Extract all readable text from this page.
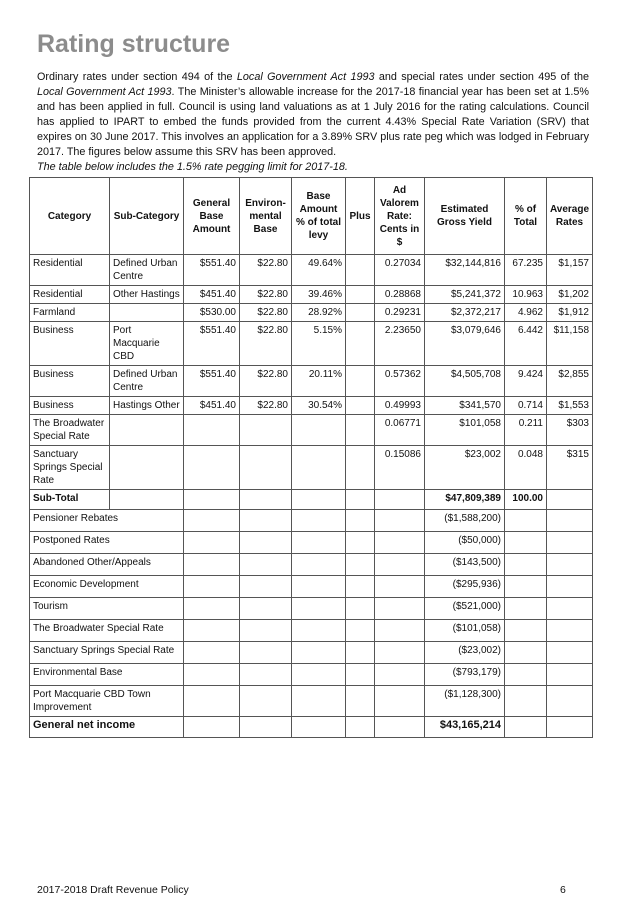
Rating structure

Ordinary rates under section 494 of the Local Government Act 1993 and special rates under section 495 of the Local Government Act 1993. The Minister’s allowable increase for the 2017-18 financial year has been set at 1.5% and has been applied in full. Council is using land valuations as at 1 July 2016 for the rating calculations. Council has applied to IPART to embed the funds provided from the current 4.43% Special Rate Variation (SRV) that expires on 30 June 2017. This involves an application for a 3.89% SRV plus rate peg which was lodged in February 2017. The figures below assume this SRV has been approved.

The table below includes the 1.5% rate pegging limit for 2017-18.

Category	Sub-Category	General Base Amount	Environ-mental Base	Base Amount % of total levy	Plus	Ad Valorem Rate: Cents in $	Estimated Gross Yield	% of Total	Average Rates
Residential	Defined Urban Centre	$551.40	$22.80	49.64%		0.27034	$32,144,816	67.235	$1,157
Residential	Other Hastings	$451.40	$22.80	39.46%		0.28868	$5,241,372	10.963	$1,202
Farmland		$530.00	$22.80	28.92%		0.29231	$2,372,217	4.962	$1,912
Business	Port Macquarie CBD	$551.40	$22.80	5.15%		2.23650	$3,079,646	6.442	$11,158
Business	Defined Urban Centre	$551.40	$22.80	20.11%		0.57362	$4,505,708	9.424	$2,855
Business	Hastings Other	$451.40	$22.80	30.54%		0.49993	$341,570	0.714	$1,553
The Broadwater Special Rate						0.06771	$101,058	0.211	$303
Sanctuary Springs Special Rate						0.15086	$23,002	0.048	$315
Sub-Total							$47,809,389	100.00	
Pensioner Rebates							($1,588,200)		
Postponed Rates							($50,000)		
Abandoned Other/Appeals							($143,500)		
Economic Development							($295,936)		
Tourism							($521,000)		
The Broadwater Special Rate							($101,058)		
Sanctuary Springs Special Rate							($23,002)		
Environmental Base							($793,179)		
Port Macquarie CBD Town Improvement							($1,128,300)		
General net income							$43,165,214		
2017-2018 Draft Revenue Policy	6
